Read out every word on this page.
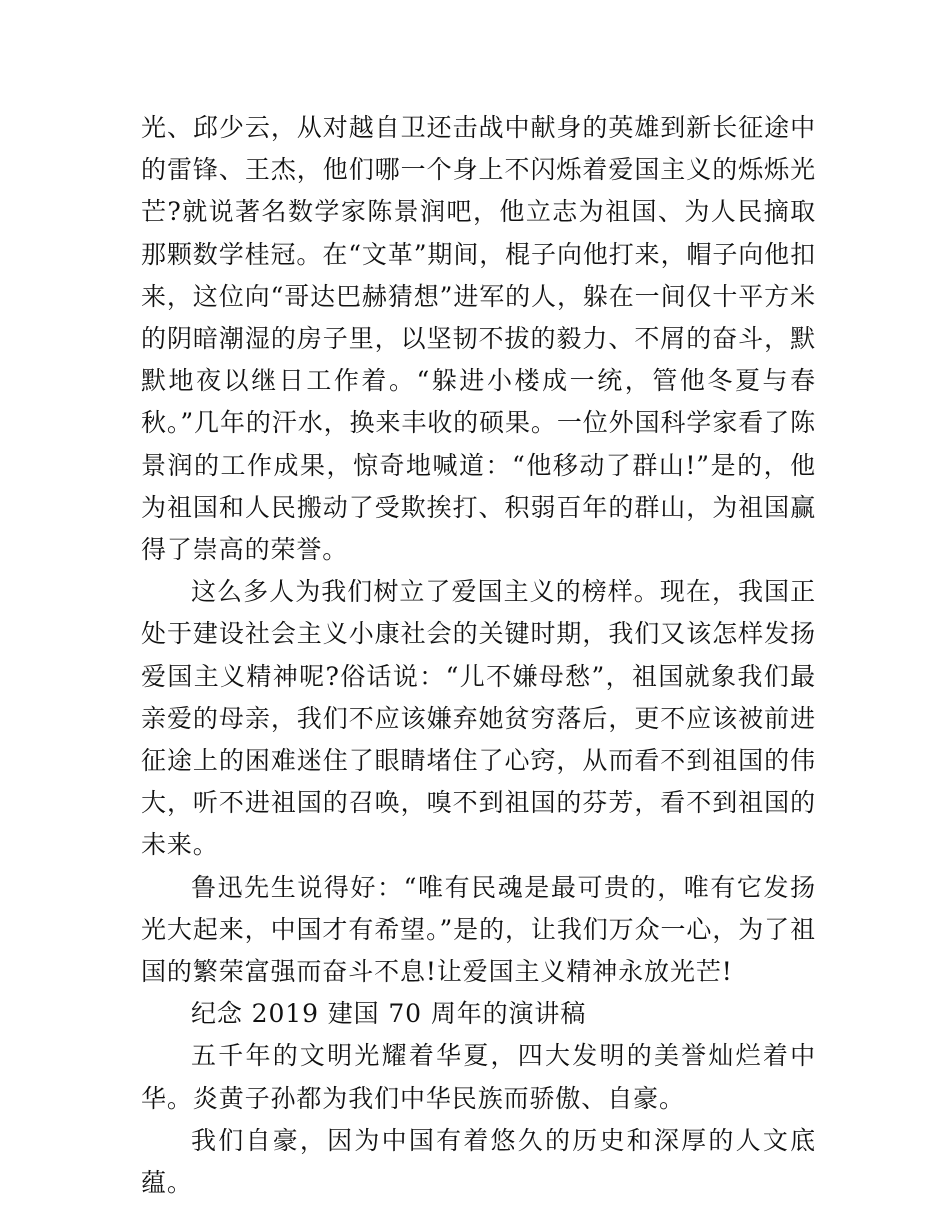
光、邱少云，从对越自卫还击战中献身的英雄到新长征途中的雷锋、王杰，他们哪一个身上不闪烁着爱国主义的烁烁光芒?就说著名数学家陈景润吧，他立志为祖国、为人民摘取那颗数学桂冠。在“文革”期间，棍子向他打来，帽子向他扣来，这位向“哥达巴赫猜想”进军的人，躲在一间仅十平方米的阴暗潮湿的房子里，以坚韧不拔的毅力、不屑的奋斗，默默地夜以继日工作着。“躲进小楼成一统，管他冬夏与春秋。”几年的汗水，换来丰收的硕果。一位外国科学家看了陈景润的工作成果，惊奇地喊道：“他移动了群山!”是的，他为祖国和人民搬动了受欺挨打、积弱百年的群山，为祖国赢得了崇高的荣誉。

这么多人为我们树立了爱国主义的榜样。现在，我国正处于建设社会主义小康社会的关键时期，我们又该怎样发扬爱国主义精神呢?俗话说：“儿不嫌母愁”，祖国就象我们最亲爱的母亲，我们不应该嫌弃她贫穷落后，更不应该被前进征途上的困难迷住了眼睛堵住了心窍，从而看不到祖国的伟大，听不进祖国的召唤，嗅不到祖国的芬芳，看不到祖国的未来。

鲁迅先生说得好：“唯有民魂是最可贵的，唯有它发扬光大起来，中国才有希望。”是的，让我们万众一心，为了祖国的繁荣富强而奋斗不息!让爱国主义精神永放光芒!

纪念 2019 建国 70 周年的演讲稿

五千年的文明光耀着华夏，四大发明的美誉灿烂着中华。炎黄子孙都为我们中华民族而骄傲、自豪。

我们自豪，因为中国有着悠久的历史和深厚的人文底蕴。
